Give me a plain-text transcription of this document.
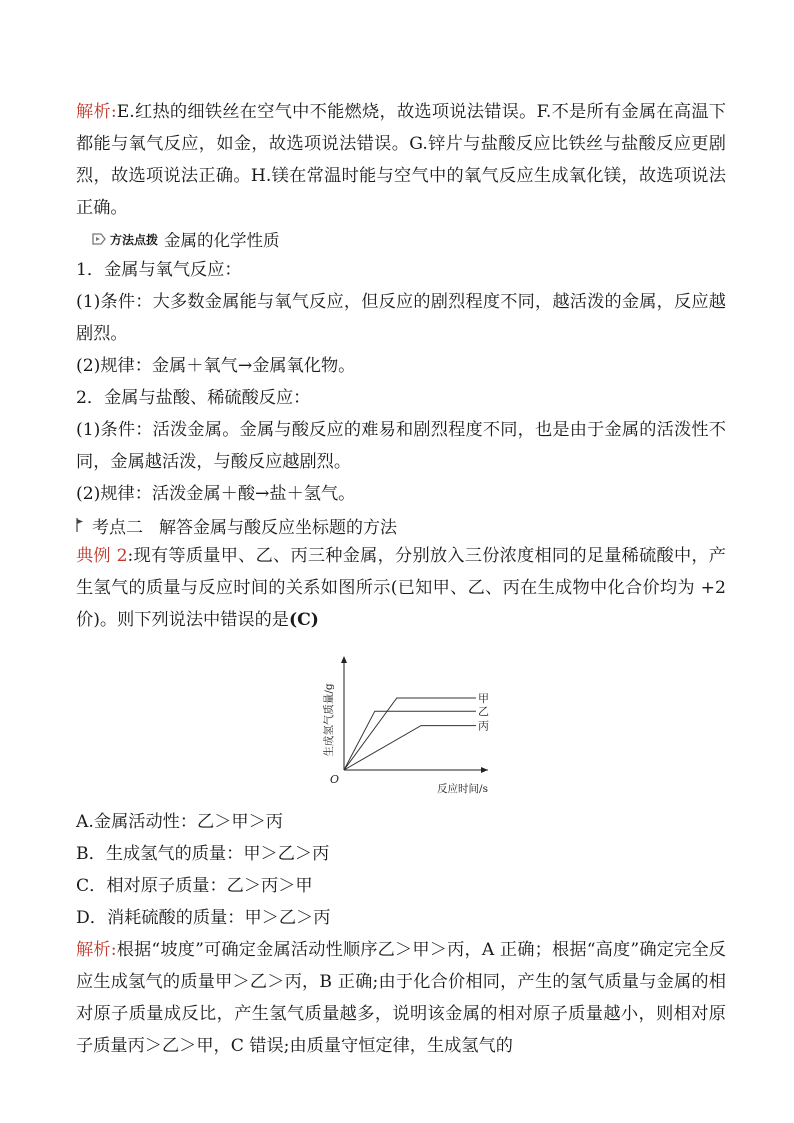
解析:E.红热的细铁丝在空气中不能燃烧，故选项说法错误。F.不是所有金属在高温下都能与氧气反应，如金，故选项说法错误。G.锌片与盐酸反应比铁丝与盐酸反应更剧烈，故选项说法正确。H.镁在常温时能与空气中的氧气反应生成氧化镁，故选项说法正确。

方法点拨 金属的化学性质

1．金属与氧气反应：

(1)条件：大多数金属能与氧气反应，但反应的剧烈程度不同，越活泼的金属，反应越剧烈。

(2)规律：金属＋氧气→金属氧化物。

2．金属与盐酸、稀硫酸反应：

(1)条件：活泼金属。金属与酸反应的难易和剧烈程度不同，也是由于金属的活泼性不同，金属越活泼，与酸反应越剧烈。

(2)规律：活泼金属＋酸→盐＋氢气。

考点二 解答金属与酸反应坐标题的方法

典例 2:现有等质量甲、乙、丙三种金属，分别放入三份浓度相同的足量稀硫酸中，产生氢气的质量与反应时间的关系如图所示(已知甲、乙、丙在生成物中化合价均为 +2 价)。则下列说法中错误的是(C)

甲
乙
丙
生成氢气质量/g
O
反应时间/s

A.金属活动性：乙＞甲＞丙

B．生成氢气的质量：甲＞乙＞丙

C．相对原子质量：乙＞丙＞甲

D．消耗硫酸的质量：甲＞乙＞丙

解析:根据“坡度”可确定金属活动性顺序乙＞甲＞丙，A 正确；根据“高度”确定完全反应生成氢气的质量甲＞乙＞丙，B 正确;由于化合价相同，产生的氢气质量与金属的相对原子质量成反比，产生氢气质量越多，说明该金属的相对原子质量越小，则相对原子质量丙＞乙＞甲，C 错误;由质量守恒定律，生成氢气的
